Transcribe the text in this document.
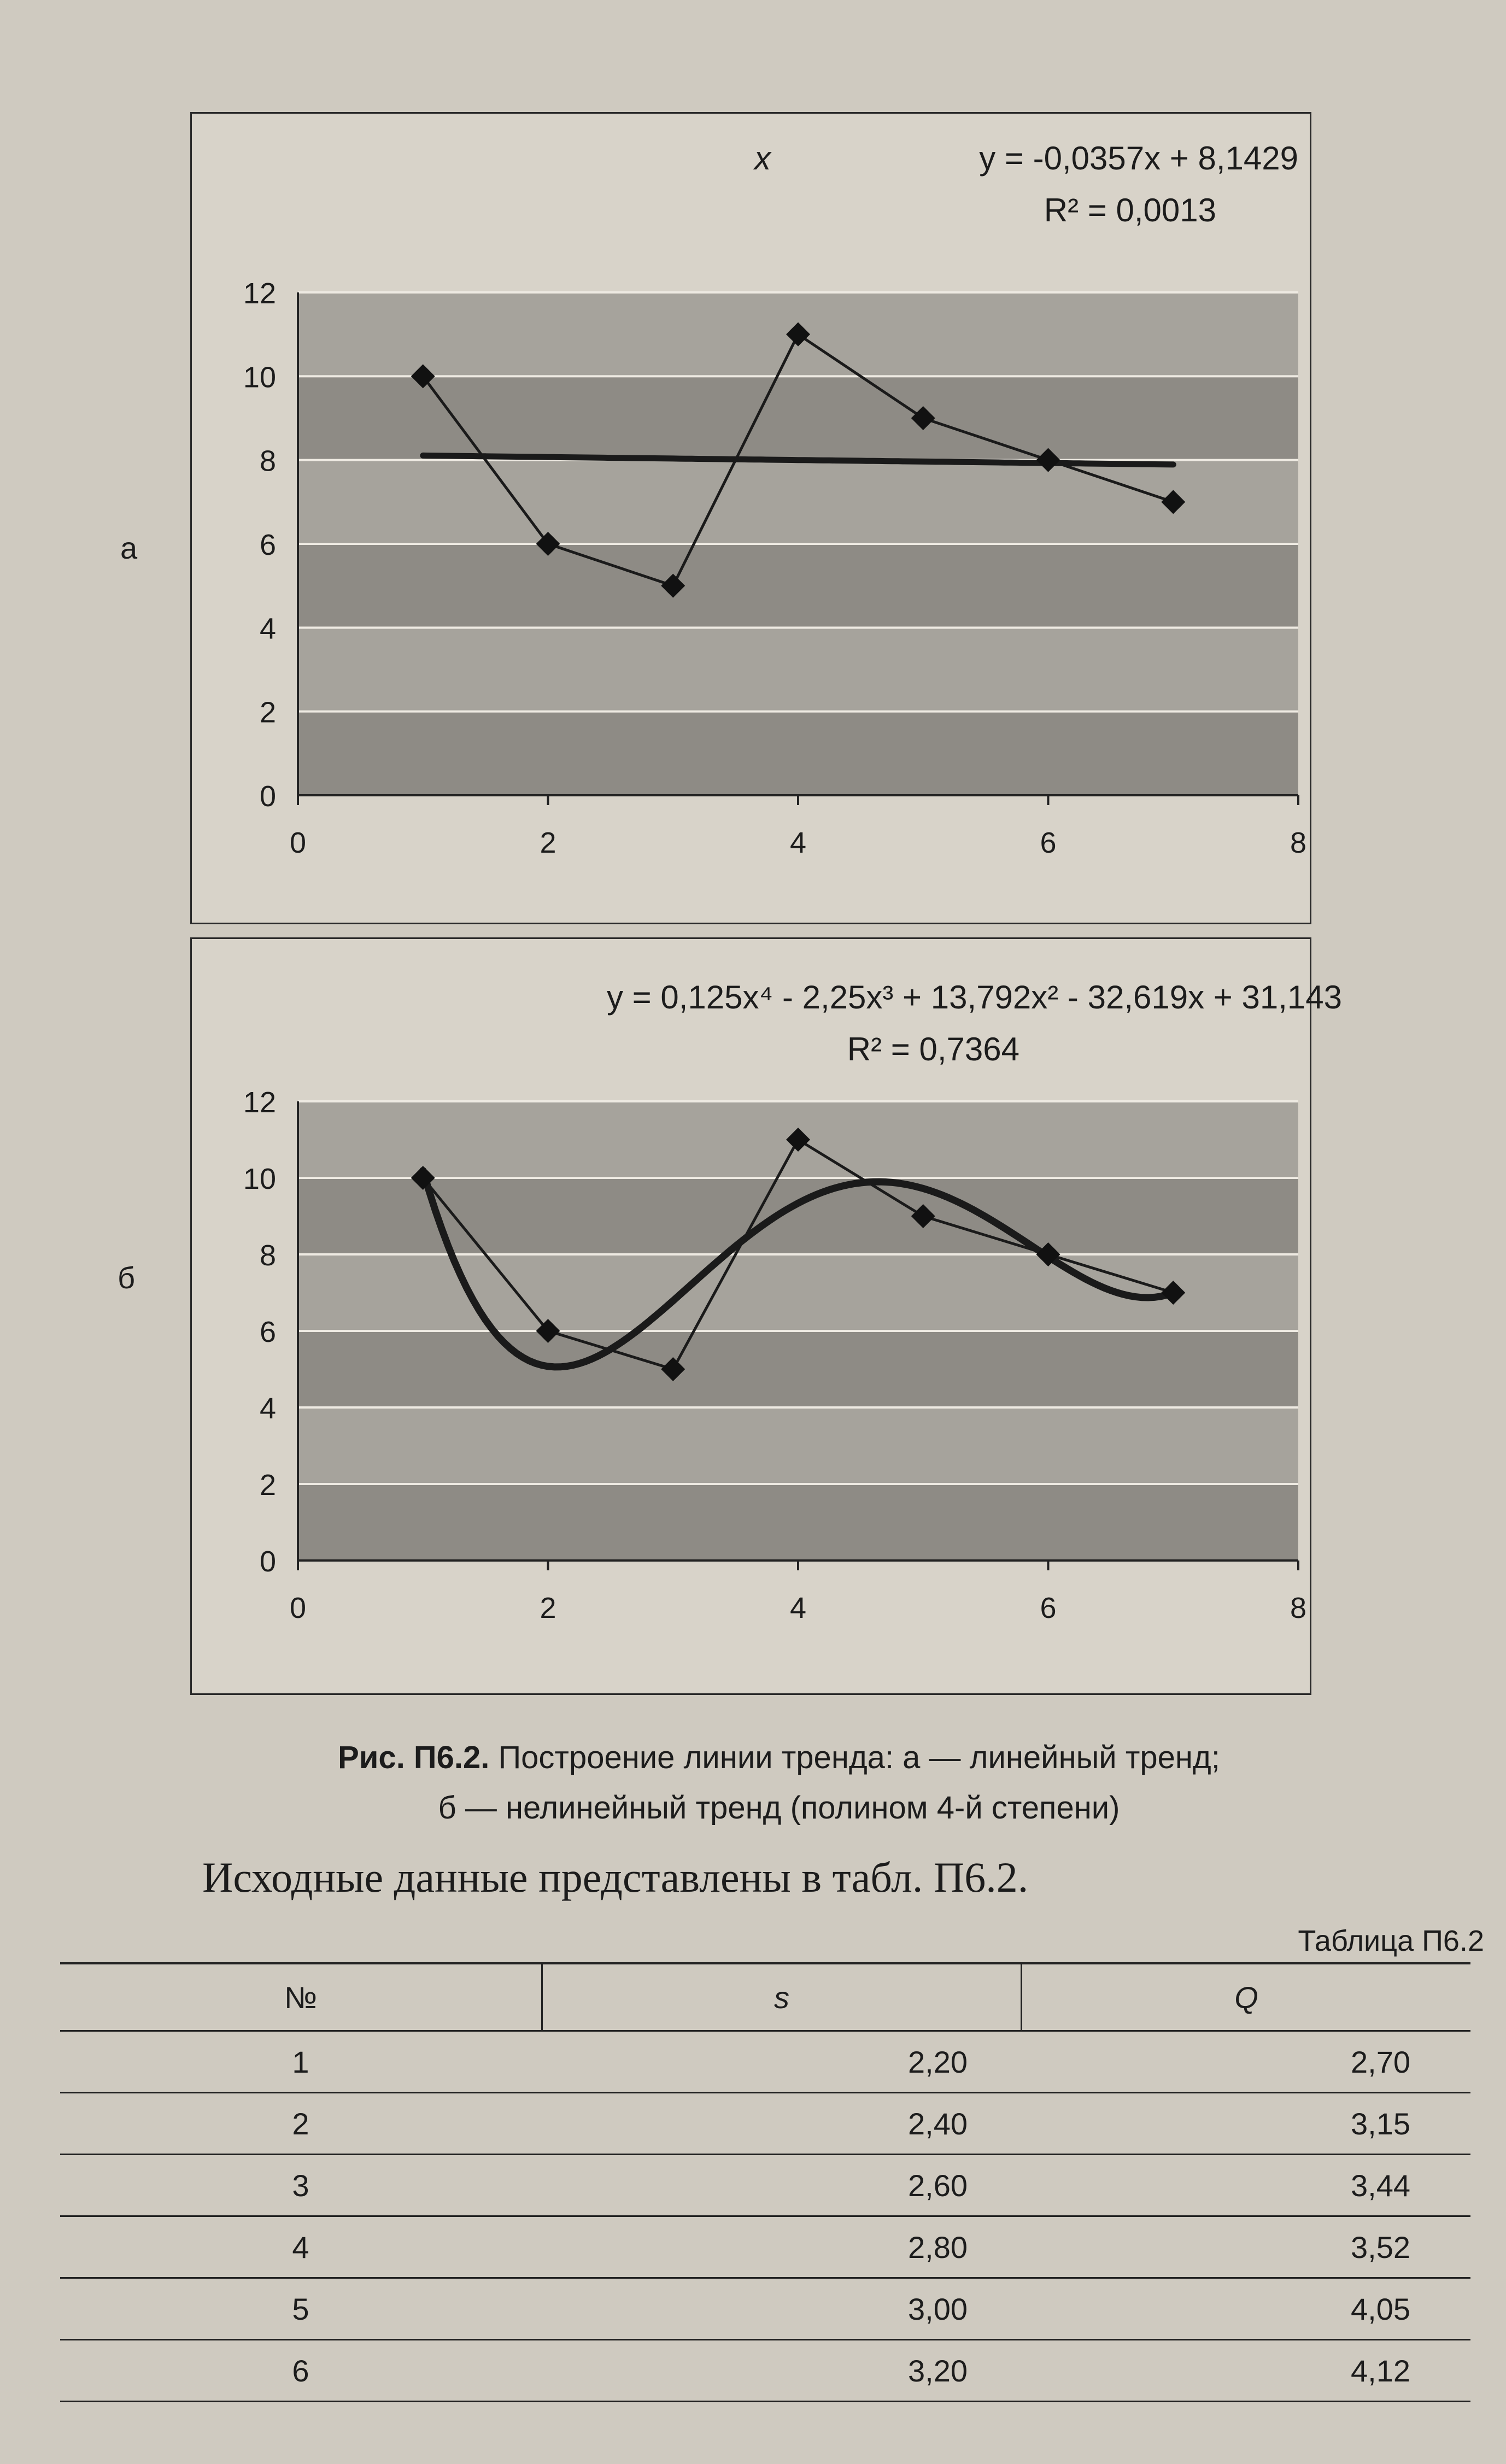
а
x	y = -0,0357x + 8,1429
R² = 0,0013
0
2
4
6
8
10
12
0	2	4	6	8
б
y = 0,125x⁴ - 2,25x³ + 13,792x² - 32,619x + 31,143
R² = 0,7364
0
2
4
6
8
10
12
0	2	4	6	8
Рис. П6.2. Построение линии тренда: а — линейный тренд;
б — нелинейный тренд (полином 4-й степени)
Исходные данные представлены в табл. П6.2.
Таблица П6.2
№	s	Q
1	2,20	2,70
2	2,40	3,15
3	2,60	3,44
4	2,80	3,52
5	3,00	4,05
6	3,20	4,12
